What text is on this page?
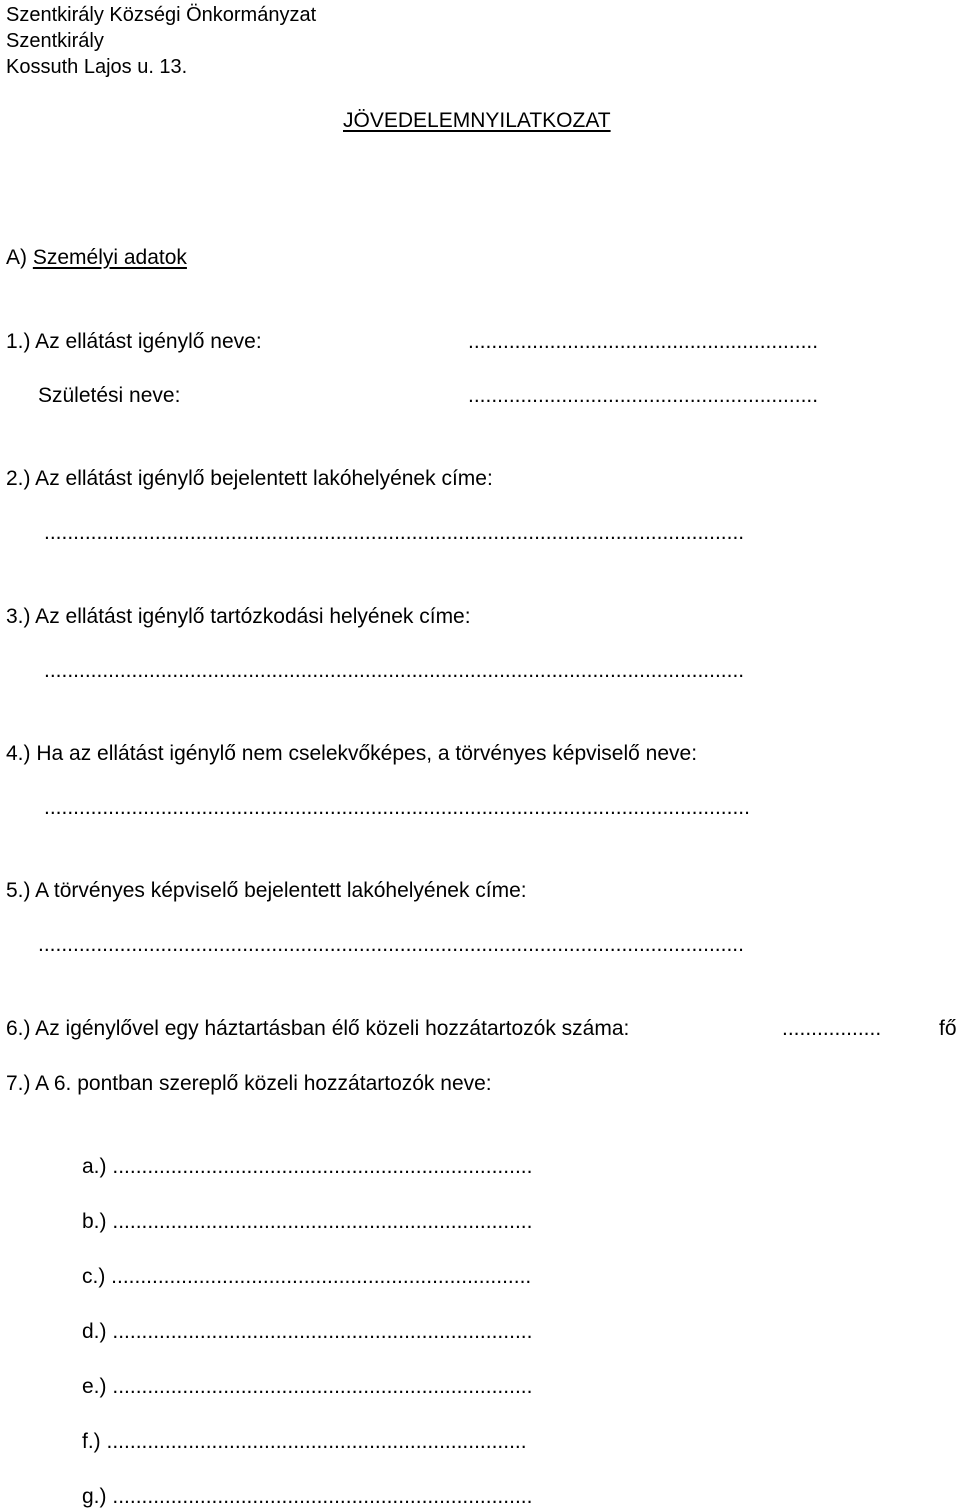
Szentkirály Községi Önkormányzat
Szentkirály
Kossuth Lajos u. 13.
JÖVEDELEMNYILATKOZAT
A) Személyi adatok
1.) Az ellátást igénylő neve:	............................................................
Születési neve:	............................................................
2.) Az ellátást igénylő bejelentett lakóhelyének címe:
........................................................................................................................
3.) Az ellátást igénylő tartózkodási helyének címe:
........................................................................................................................
4.) Ha az ellátást igénylő nem cselekvőképes, a törvényes képviselő neve:
.........................................................................................................................
5.) A törvényes képviselő bejelentett lakóhelyének címe:
.........................................................................................................................
6.) Az igénylővel egy háztartásban élő közeli hozzátartozók száma:	.................	fő
7.) A 6. pontban szereplő közeli hozzátartozók neve:
a.) ........................................................................
b.) ........................................................................
c.) ........................................................................
d.) ........................................................................
e.) ........................................................................
f.) ........................................................................
g.) ........................................................................
